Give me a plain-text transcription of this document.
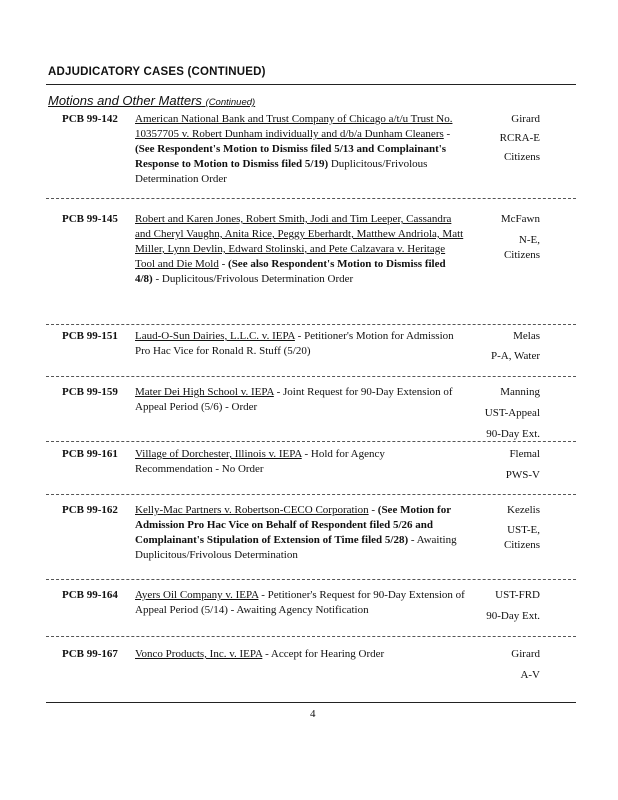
ADJUDICATORY CASES (CONTINUED)
Motions and Other Matters (Continued)
PCB 99-142 American National Bank and Trust Company of Chicago a/t/u Trust No. 10357705 v. Robert Dunham individually and d/b/a Dunham Cleaners - (See Respondent's Motion to Dismiss filed 5/13 and Complainant's Response to Motion to Dismiss filed 5/19) Duplicitous/Frivolous Determination Order
Girard
RCRA-E
Citizens
PCB 99-145 Robert and Karen Jones, Robert Smith, Jodi and Tim Leeper, Cassandra and Cheryl Vaughn, Anita Rice, Peggy Eberhardt, Matthew Andriola, Matt Miller, Lynn Devlin, Edward Stolinski, and Pete Calzavara v. Heritage Tool and Die Mold - (See also Respondent's Motion to Dismiss filed 4/8) - Duplicitous/Frivolous Determination Order
McFawn
N-E,
Citizens
PCB 99-151 Laud-O-Sun Dairies, L.L.C. v. IEPA - Petitioner's Motion for Admission Pro Hac Vice for Ronald R. Stuff (5/20)
Melas
P-A, Water
PCB 99-159 Mater Dei High School v. IEPA - Joint Request for 90-Day Extension of Appeal Period (5/6) - Order
Manning
UST-Appeal
90-Day Ext.
PCB 99-161 Village of Dorchester, Illinois v. IEPA - Hold for Agency Recommendation - No Order
Flemal
PWS-V
PCB 99-162 Kelly-Mac Partners v. Robertson-CECO Corporation - (See Motion for Admission Pro Hac Vice on Behalf of Respondent filed 5/26 and Complainant's Stipulation of Extension of Time filed 5/28) - Awaiting Duplicitous/Frivolous Determination
Kezelis
UST-E,
Citizens
PCB 99-164 Ayers Oil Company v. IEPA - Petitioner's Request for 90-Day Extension of Appeal Period (5/14) - Awaiting Agency Notification
UST-FRD
90-Day Ext.
PCB 99-167 Vonco Products, Inc. v. IEPA - Accept for Hearing Order	Girard
A-V
4
